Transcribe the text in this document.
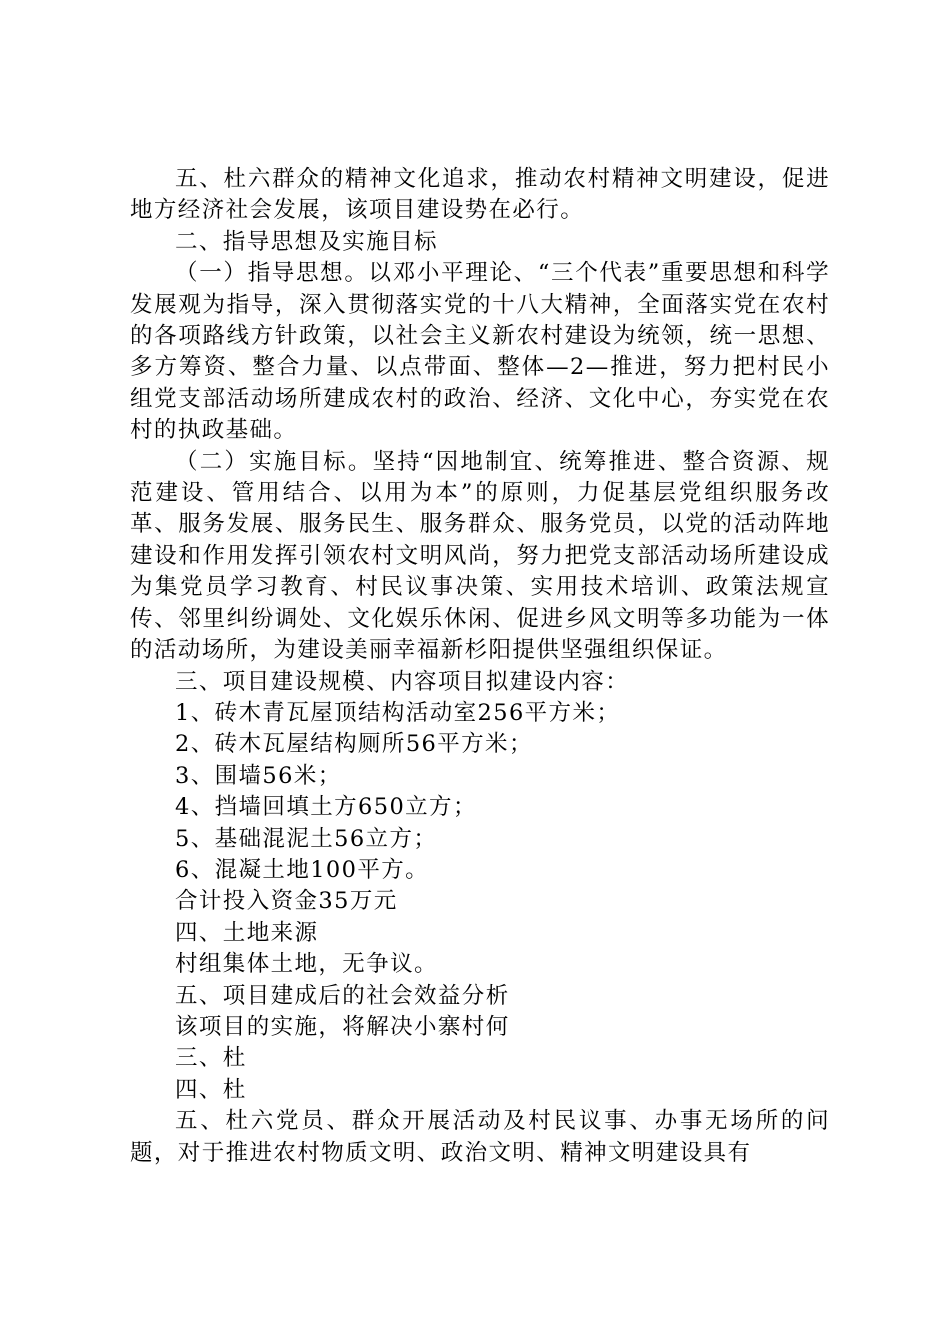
五、杜六群众的精神文化追求，推动农村精神文明建设，促进地方经济社会发展，该项目建设势在必行。

二、指导思想及实施目标

（一）指导思想。以邓小平理论、“三个代表”重要思想和科学发展观为指导，深入贯彻落实党的十八大精神，全面落实党在农村的各项路线方针政策，以社会主义新农村建设为统领，统一思想、多方筹资、整合力量、以点带面、整体—2—推进，努力把村民小组党支部活动场所建成农村的政治、经济、文化中心，夯实党在农村的执政基础。

（二）实施目标。坚持“因地制宜、统筹推进、整合资源、规范建设、管用结合、以用为本”的原则，力促基层党组织服务改革、服务发展、服务民生、服务群众、服务党员，以党的活动阵地建设和作用发挥引领农村文明风尚，努力把党支部活动场所建设成为集党员学习教育、村民议事决策、实用技术培训、政策法规宣传、邻里纠纷调处、文化娱乐休闲、促进乡风文明等多功能为一体的活动场所，为建设美丽幸福新杉阳提供坚强组织保证。

三、项目建设规模、内容项目拟建设内容：

1、砖木青瓦屋顶结构活动室256平方米；

2、砖木瓦屋结构厕所56平方米；

3、围墙56米；

4、挡墙回填土方650立方；

5、基础混泥土56立方；

6、混凝土地100平方。

合计投入资金35万元

四、土地来源

村组集体土地，无争议。

五、项目建成后的社会效益分析

该项目的实施，将解决小寨村何

三、杜

四、杜

五、杜六党员、群众开展活动及村民议事、办事无场所的问题，对于推进农村物质文明、政治文明、精神文明建设具有
